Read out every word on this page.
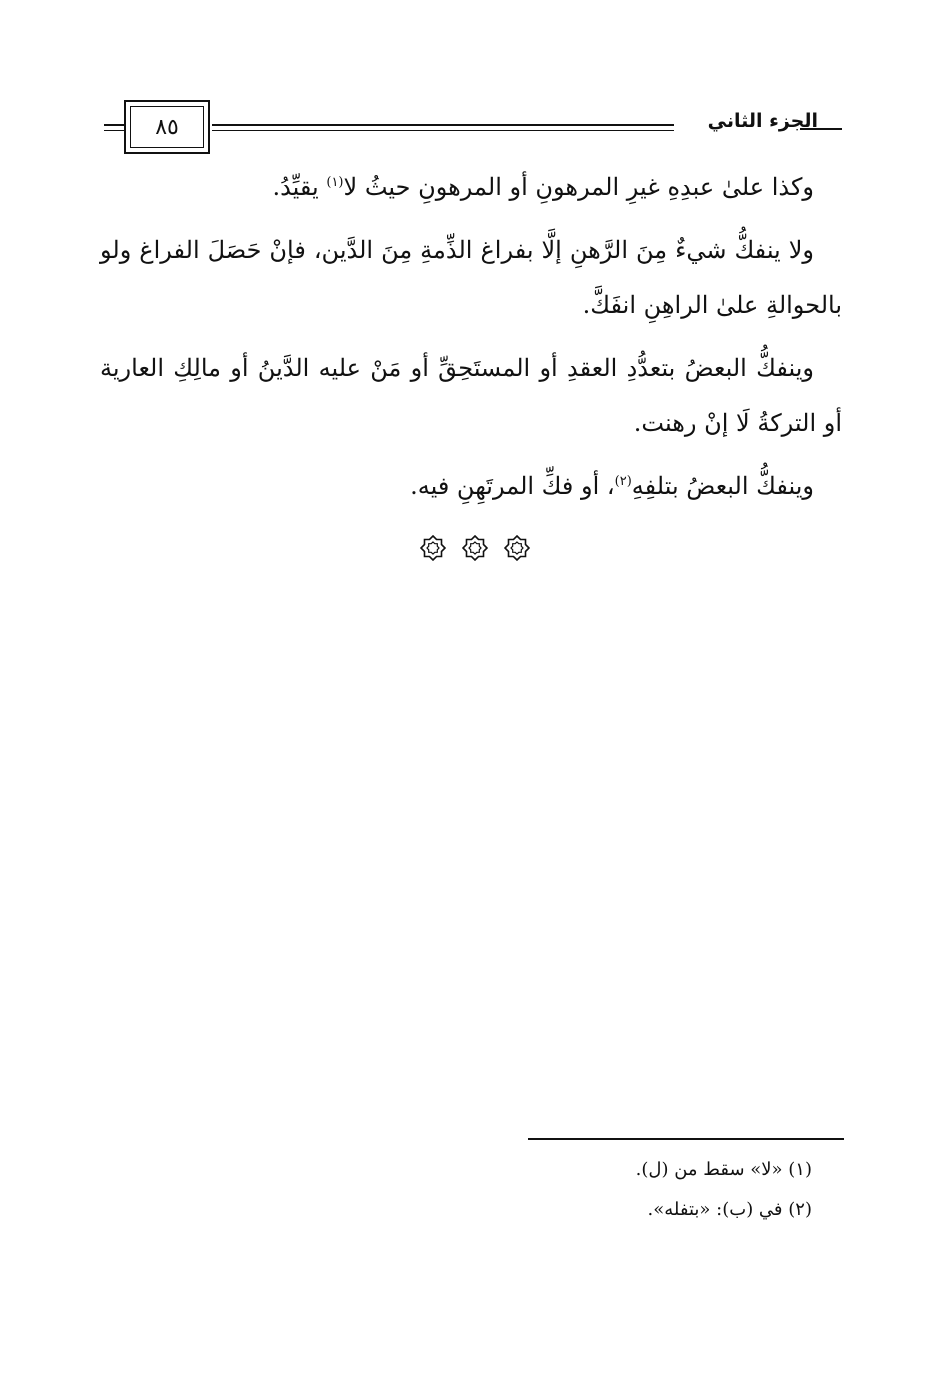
٨٥	الجزء الثاني

وكذا علىٰ عبدِهِ غيرِ المرهونِ أو المرهونِ حيثُ لا$^{(١)}$ يقيِّدُ.

ولا ينفكُّ شيءٌ مِنَ الرَّهنِ إلَّا بفراغ الذِّمةِ مِنَ الدَّين، فإنْ حَصَلَ الفراغ ولو بالحوالةِ علىٰ الراهِنِ انفَكَّ.

وينفكُّ البعضُ بتعدُّدِ العقدِ أو المستَحِقِّ أو مَنْ عليه الدَّينُ أو مالِكِ العارية أو التركةُ لَا إنْ رهنت.

وينفكُّ البعضُ بتلفِهِ$^{(٢)}$، أو فكِّ المرتَهِنِ فيه.

(١) «لا» سقط من (ل).

(٢) في (ب): «بتفله».
